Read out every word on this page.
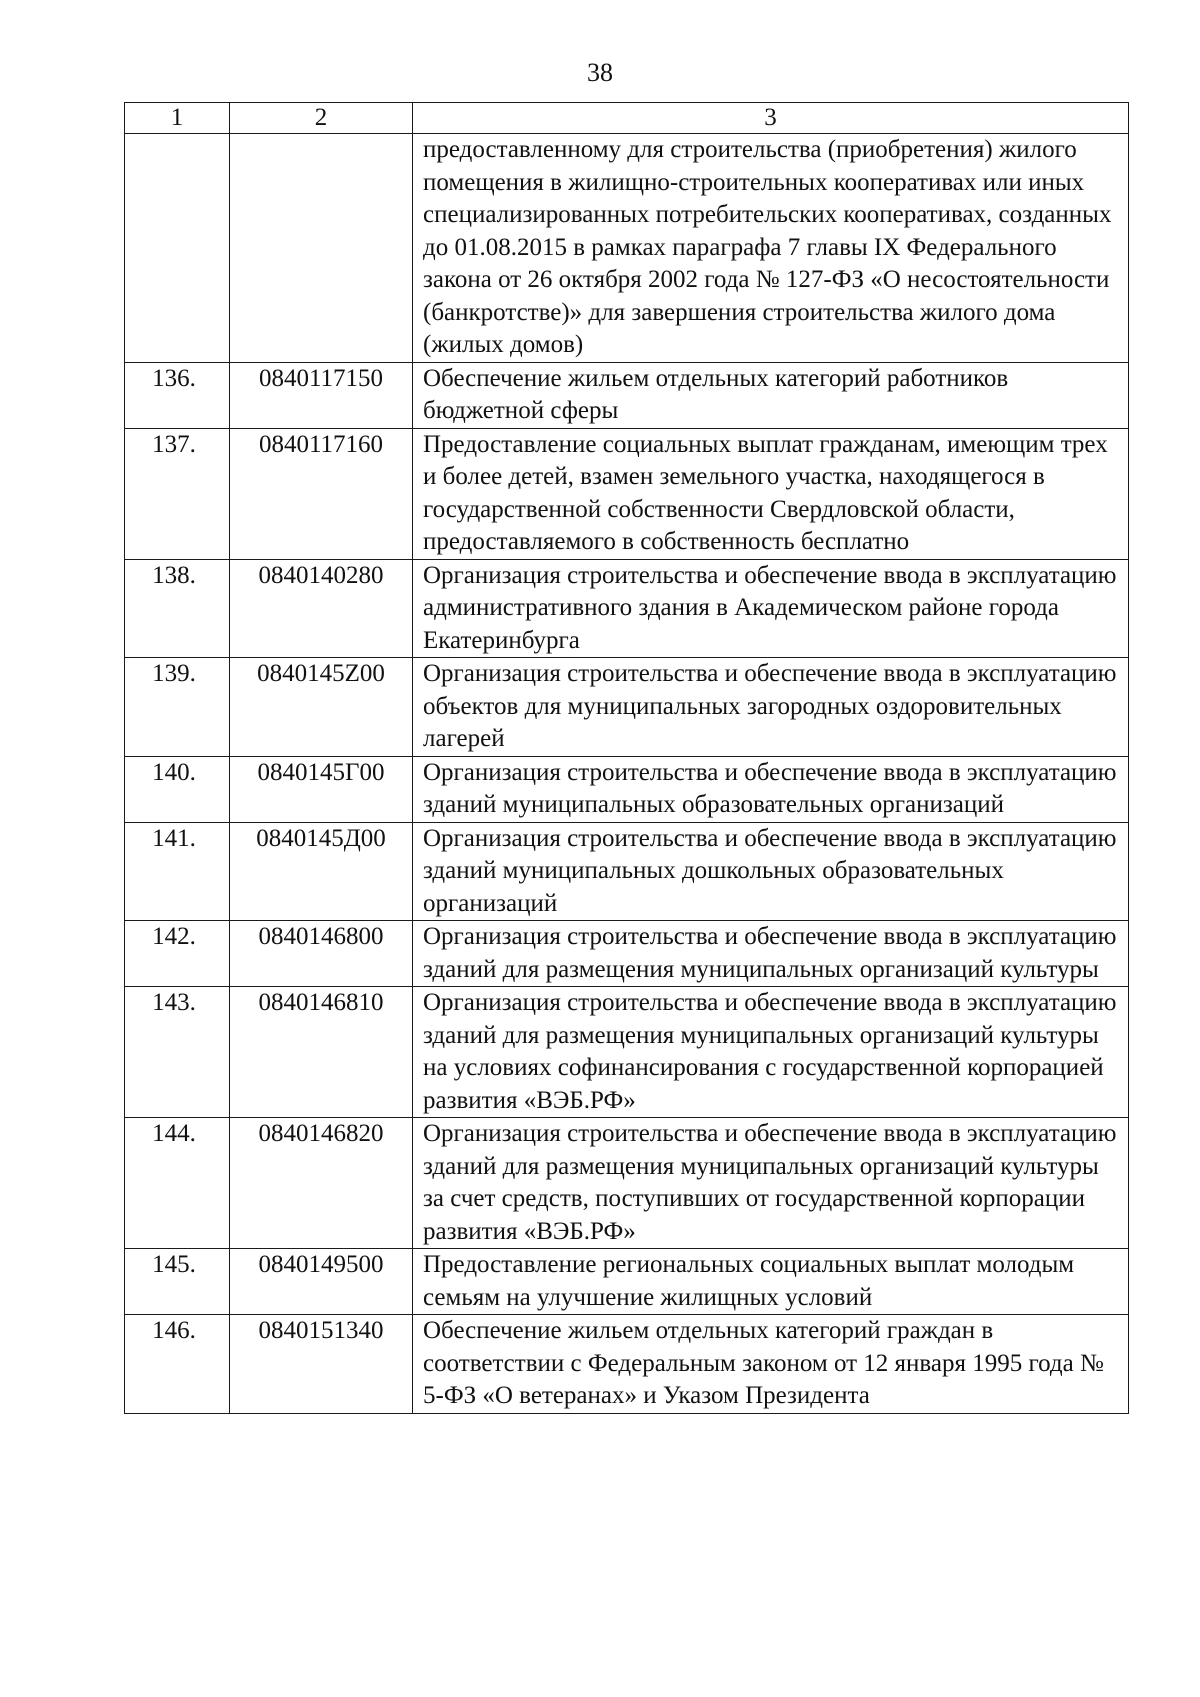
38
1	2	3
		предоставленному для строительства (приобретения) жилого помещения в жилищно-строительных кооперативах или иных специализированных потребительских кооперативах, созданных до 01.08.2015 в рамках параграфа 7 главы IX Федерального закона от 26 октября 2002 года № 127-ФЗ «О несостоятельности (банкротстве)» для завершения строительства жилого дома (жилых домов)
136.	0840117150	Обеспечение жильем отдельных категорий работников бюджетной сферы
137.	0840117160	Предоставление социальных выплат гражданам, имеющим трех и более детей, взамен земельного участка, находящегося в государственной собственности Свердловской области, предоставляемого в собственность бесплатно
138.	0840140280	Организация строительства и обеспечение ввода в эксплуатацию административного здания в Академическом районе города Екатеринбурга
139.	0840145Z00	Организация строительства и обеспечение ввода в эксплуатацию объектов для муниципальных загородных оздоровительных лагерей
140.	0840145Г00	Организация строительства и обеспечение ввода в эксплуатацию зданий муниципальных образовательных организаций
141.	0840145Д00	Организация строительства и обеспечение ввода в эксплуатацию зданий муниципальных дошкольных образовательных организаций
142.	0840146800	Организация строительства и обеспечение ввода в эксплуатацию зданий для размещения муниципальных организаций культуры
143.	0840146810	Организация строительства и обеспечение ввода в эксплуатацию зданий для размещения муниципальных организаций культуры на условиях софинансирования с государственной корпорацией развития «ВЭБ.РФ»
144.	0840146820	Организация строительства и обеспечение ввода в эксплуатацию зданий для размещения муниципальных организаций культуры за счет средств, поступивших от государственной корпорации развития «ВЭБ.РФ»
145.	0840149500	Предоставление региональных социальных выплат молодым семьям на улучшение жилищных условий
146.	0840151340	Обеспечение жильем отдельных категорий граждан в соответствии с Федеральным законом от 12 января 1995 года № 5-ФЗ «О ветеранах» и Указом Президента
